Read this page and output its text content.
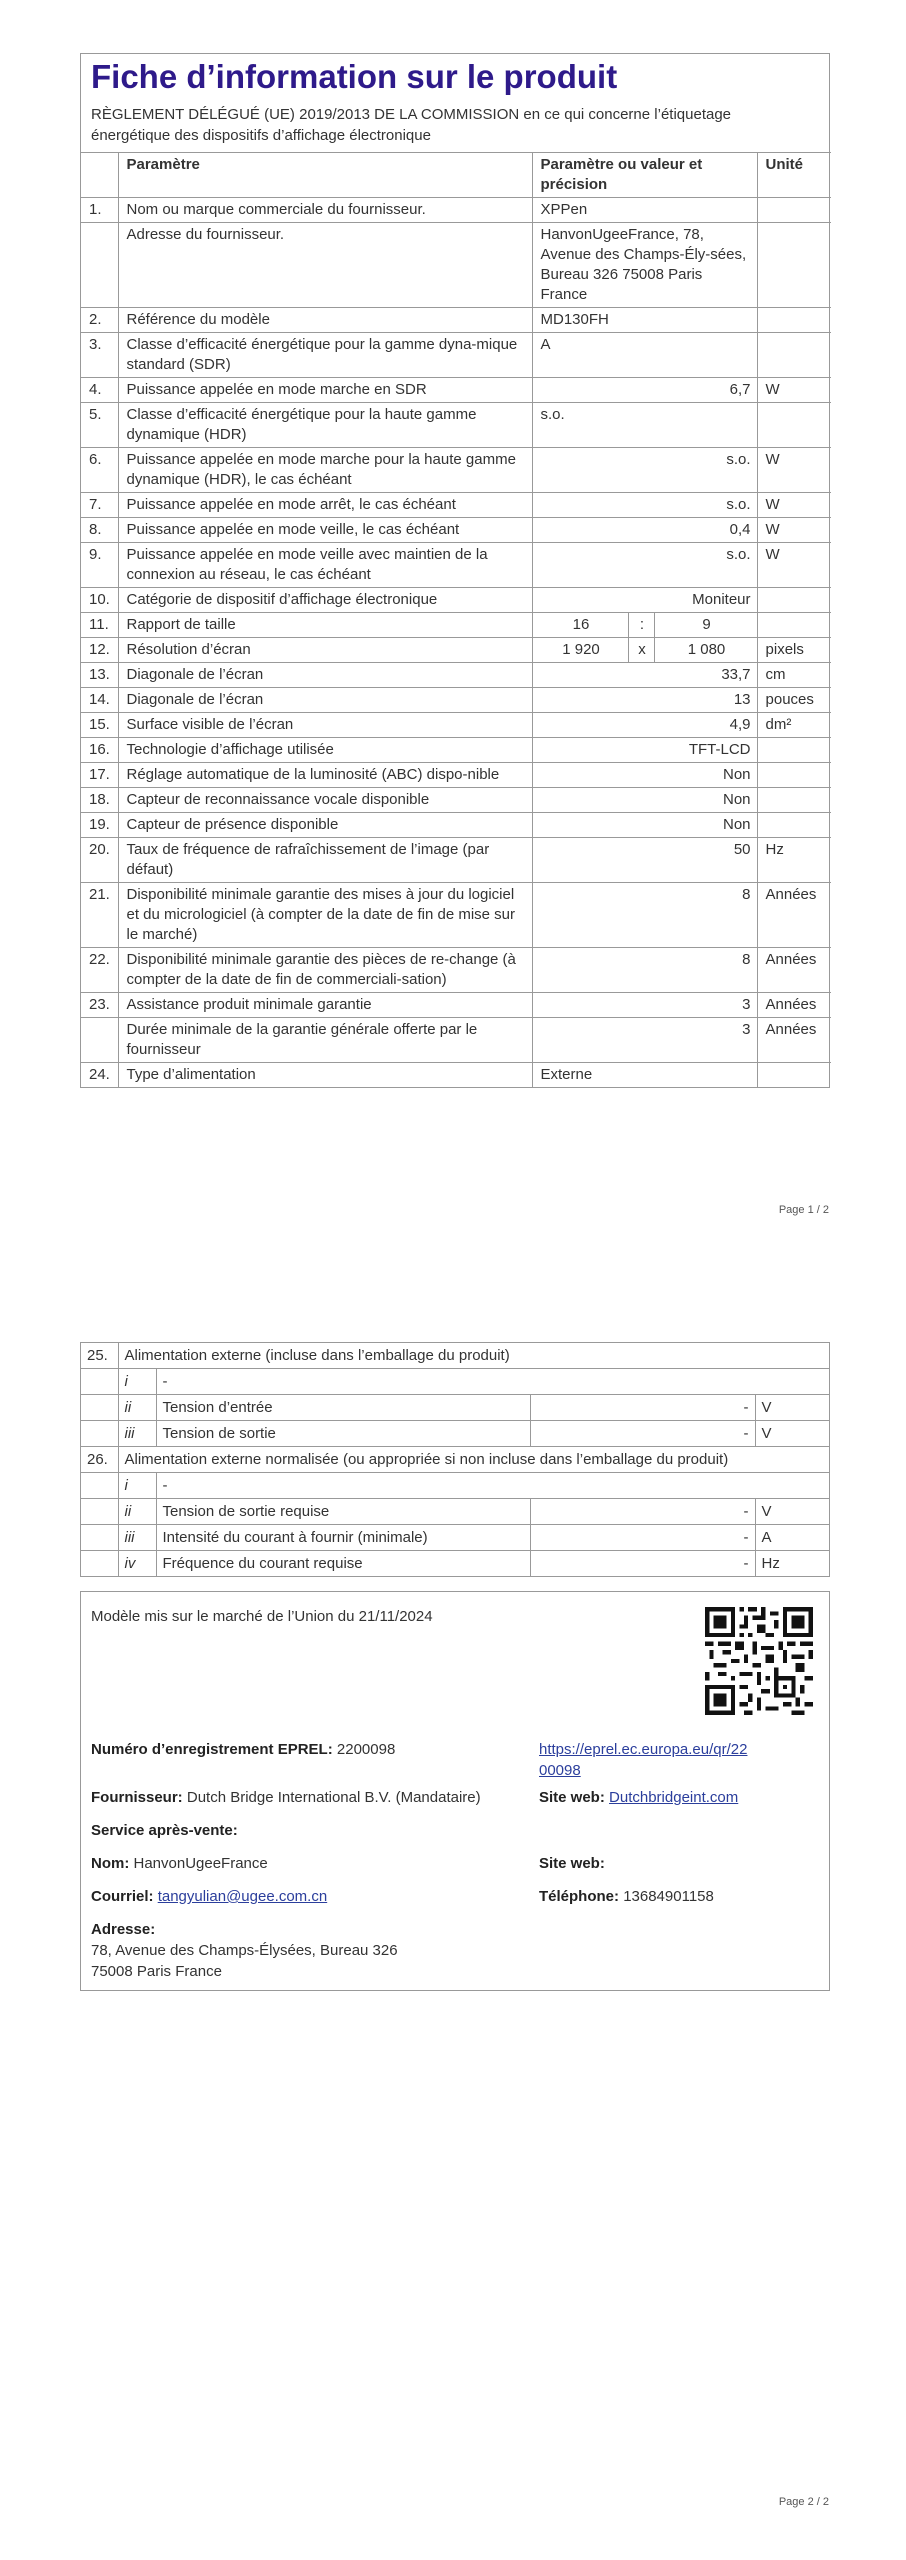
Fiche d’information sur le produit
RÈGLEMENT DÉLÉGUÉ (UE) 2019/2013 DE LA COMMISSION en ce qui concerne l’étiquetage
énergétique des dispositifs d’affichage électronique
	Paramètre	Paramètre ou valeur et précision			Unité
1.	Nom ou marque commerciale du fournisseur.	XPPen			
	Adresse du fournisseur.	HanvonUgeeFrance, 78, Avenue des Champs-Ély-sées, Bureau 326 75008 Paris France			
2.	Référence du modèle	MD130FH			
3.	Classe d’efficacité énergétique pour la gamme dyna-mique standard (SDR)	A			
4.	Puissance appelée en mode marche en SDR	6,7			W
5.	Classe d’efficacité énergétique pour la haute gamme dynamique (HDR)	s.o.			
6.	Puissance appelée en mode marche pour la haute gamme dynamique (HDR), le cas échéant	s.o.			W
7.	Puissance appelée en mode arrêt, le cas échéant	s.o.			W
8.	Puissance appelée en mode veille, le cas échéant	0,4			W
9.	Puissance appelée en mode veille avec maintien de la connexion au réseau, le cas échéant	s.o.			W
10.	Catégorie de dispositif d’affichage électronique	Moniteur			
11.	Rapport de taille	16	:	9	
12.	Résolution d’écran	1 920	x	1 080	pixels
13.	Diagonale de l’écran	33,7			cm
14.	Diagonale de l’écran	13			pouces
15.	Surface visible de l’écran	4,9			dm²
16.	Technologie d’affichage utilisée	TFT-LCD			
17.	Réglage automatique de la luminosité (ABC) dispo-nible	Non			
18.	Capteur de reconnaissance vocale disponible	Non			
19.	Capteur de présence disponible	Non			
20.	Taux de fréquence de rafraîchissement de l’image (par défaut)	50			Hz
21.	Disponibilité minimale garantie des mises à jour du logiciel et du micrologiciel (à compter de la date de fin de mise sur le marché)	8			Années
22.	Disponibilité minimale garantie des pièces de re-change (à compter de la date de fin de commerciali-sation)	8			Années
23.	Assistance produit minimale garantie	3			Années
	Durée minimale de la garantie générale offerte par le fournisseur	3			Années
24.	Type d’alimentation	Externe			
Page 1 / 2
25.	Alimentation externe (incluse dans l’emballage du produit)			
	i	-		
	ii	Tension d’entrée	-	V
	iii	Tension de sortie	-	V
26.	Alimentation externe normalisée (ou appropriée si non incluse dans l’emballage du produit)			
	i	-		
	ii	Tension de sortie requise	-	V
	iii	Intensité du courant à fournir (minimale)	-	A
	iv	Fréquence du courant requise	-	Hz
Modèle mis sur le marché de l’Union du 21/11/2024
Numéro d’enregistrement EPREL: 2200098	https://eprel.ec.europa.eu/qr/22
00098
Fournisseur: Dutch Bridge International B.V. (Mandataire)	Site web: Dutchbridgeint.com
Service après-vente:
Nom: HanvonUgeeFrance	Site web:
Courriel: tangyulian@ugee.com.cn	Téléphone: 13684901158
Adresse:
78, Avenue des Champs-Élysées, Bureau 326
75008 Paris France
Page 2 / 2
